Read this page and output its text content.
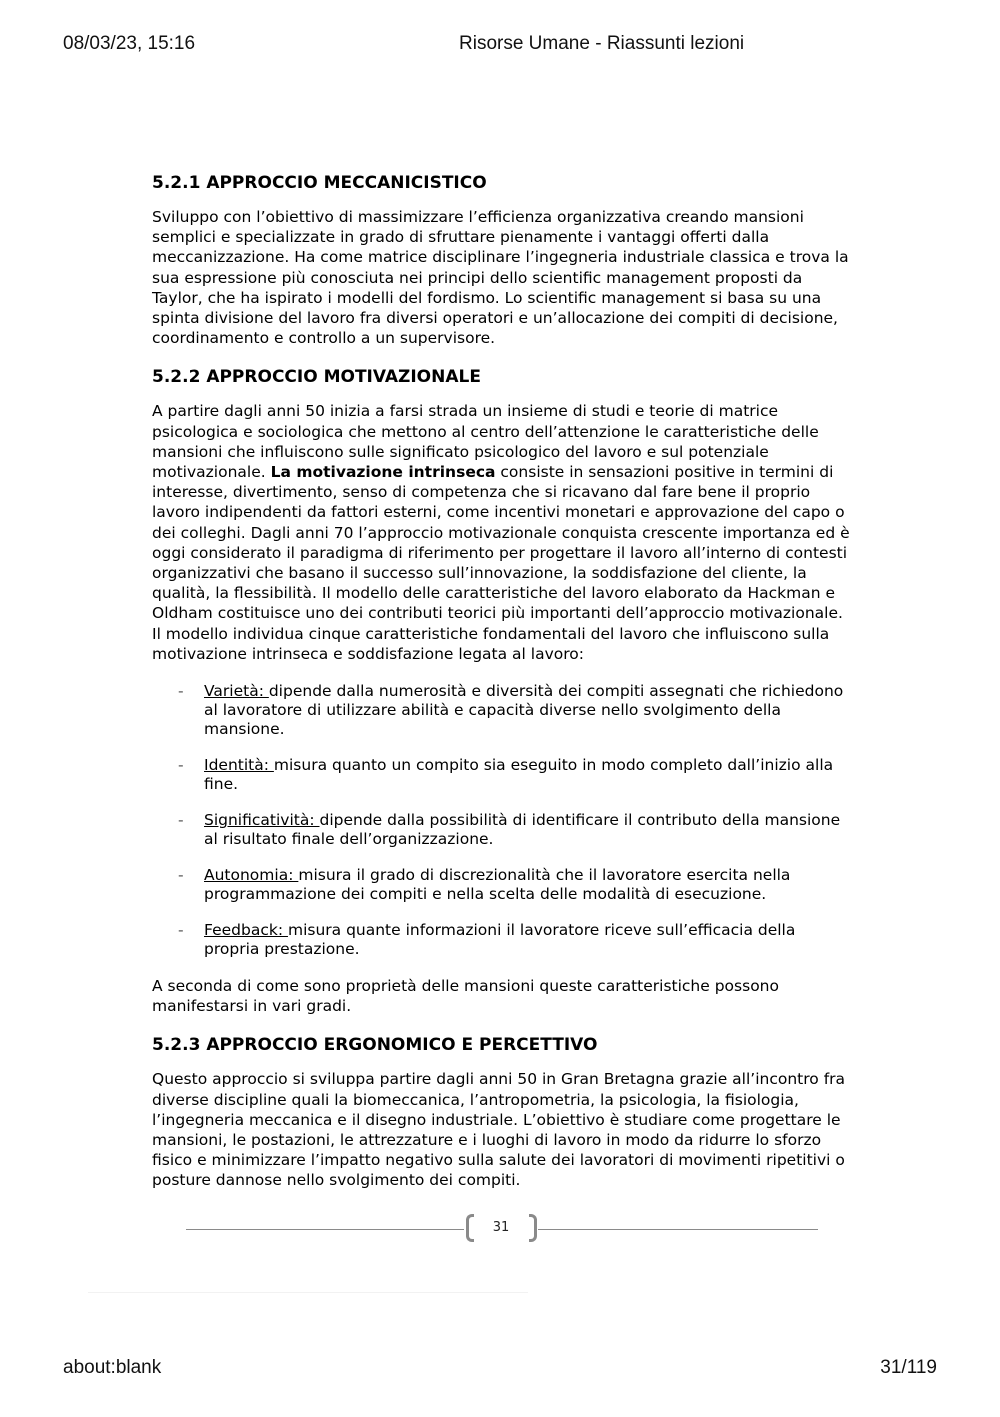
08/03/23, 15:16	Risorse Umane - Riassunti lezioni
5.2.1 APPROCCIO MECCANICISTICO

Sviluppo con l’obiettivo di massimizzare l’efficienza organizzativa creando mansioni semplici e specializzate in grado di sfruttare pienamente i vantaggi offerti dalla meccanizzazione. Ha come matrice disciplinare l’ingegneria industriale classica e trova la sua espressione più conosciuta nei principi dello scientific management proposti da Taylor, che ha ispirato i modelli del fordismo. Lo scientific management si basa su una spinta divisione del lavoro fra diversi operatori e un’allocazione dei compiti di decisione, coordinamento e controllo a un supervisore.

5.2.2 APPROCCIO MOTIVAZIONALE

A partire dagli anni 50 inizia a farsi strada un insieme di studi e teorie di matrice psicologica e sociologica che mettono al centro dell’attenzione le caratteristiche delle mansioni che influiscono sulle significato psicologico del lavoro e sul potenziale motivazionale. La motivazione intrinseca consiste in sensazioni positive in termini di interesse, divertimento, senso di competenza che si ricavano dal fare bene il proprio lavoro indipendenti da fattori esterni, come incentivi monetari e approvazione del capo o dei colleghi. Dagli anni 70 l’approccio motivazionale conquista crescente importanza ed è oggi considerato il paradigma di riferimento per progettare il lavoro all’interno di contesti organizzativi che basano il successo sull’innovazione, la soddisfazione del cliente, la qualità, la flessibilità. Il modello delle caratteristiche del lavoro elaborato da Hackman e Oldham costituisce uno dei contributi teorici più importanti dell’approccio motivazionale. Il modello individua cinque caratteristiche fondamentali del lavoro che influiscono sulla motivazione intrinseca e soddisfazione legata al lavoro:

- Varietà: dipende dalla numerosità e diversità dei compiti assegnati che richiedono al lavoratore di utilizzare abilità e capacità diverse nello svolgimento della mansione.
- Identità: misura quanto un compito sia eseguito in modo completo dall’inizio alla fine.
- Significatività: dipende dalla possibilità di identificare il contributo della mansione al risultato finale dell’organizzazione.
- Autonomia: misura il grado di discrezionalità che il lavoratore esercita nella programmazione dei compiti e nella scelta delle modalità di esecuzione.
- Feedback: misura quante informazioni il lavoratore riceve sull’efficacia della propria prestazione.

A seconda di come sono proprietà delle mansioni queste caratteristiche possono manifestarsi in vari gradi.

5.2.3 APPROCCIO ERGONOMICO E PERCETTIVO

Questo approccio si sviluppa partire dagli anni 50 in Gran Bretagna grazie all’incontro fra diverse discipline quali la biomeccanica, l’antropometria, la psicologia, la fisiologia, l’ingegneria meccanica e il disegno industriale. L’obiettivo è studiare come progettare le mansioni, le postazioni, le attrezzature e i luoghi di lavoro in modo da ridurre lo sforzo fisico e minimizzare l’impatto negativo sulla salute dei lavoratori di movimenti ripetitivi o posture dannose nello svolgimento dei compiti.

31
about:blank	31/119
